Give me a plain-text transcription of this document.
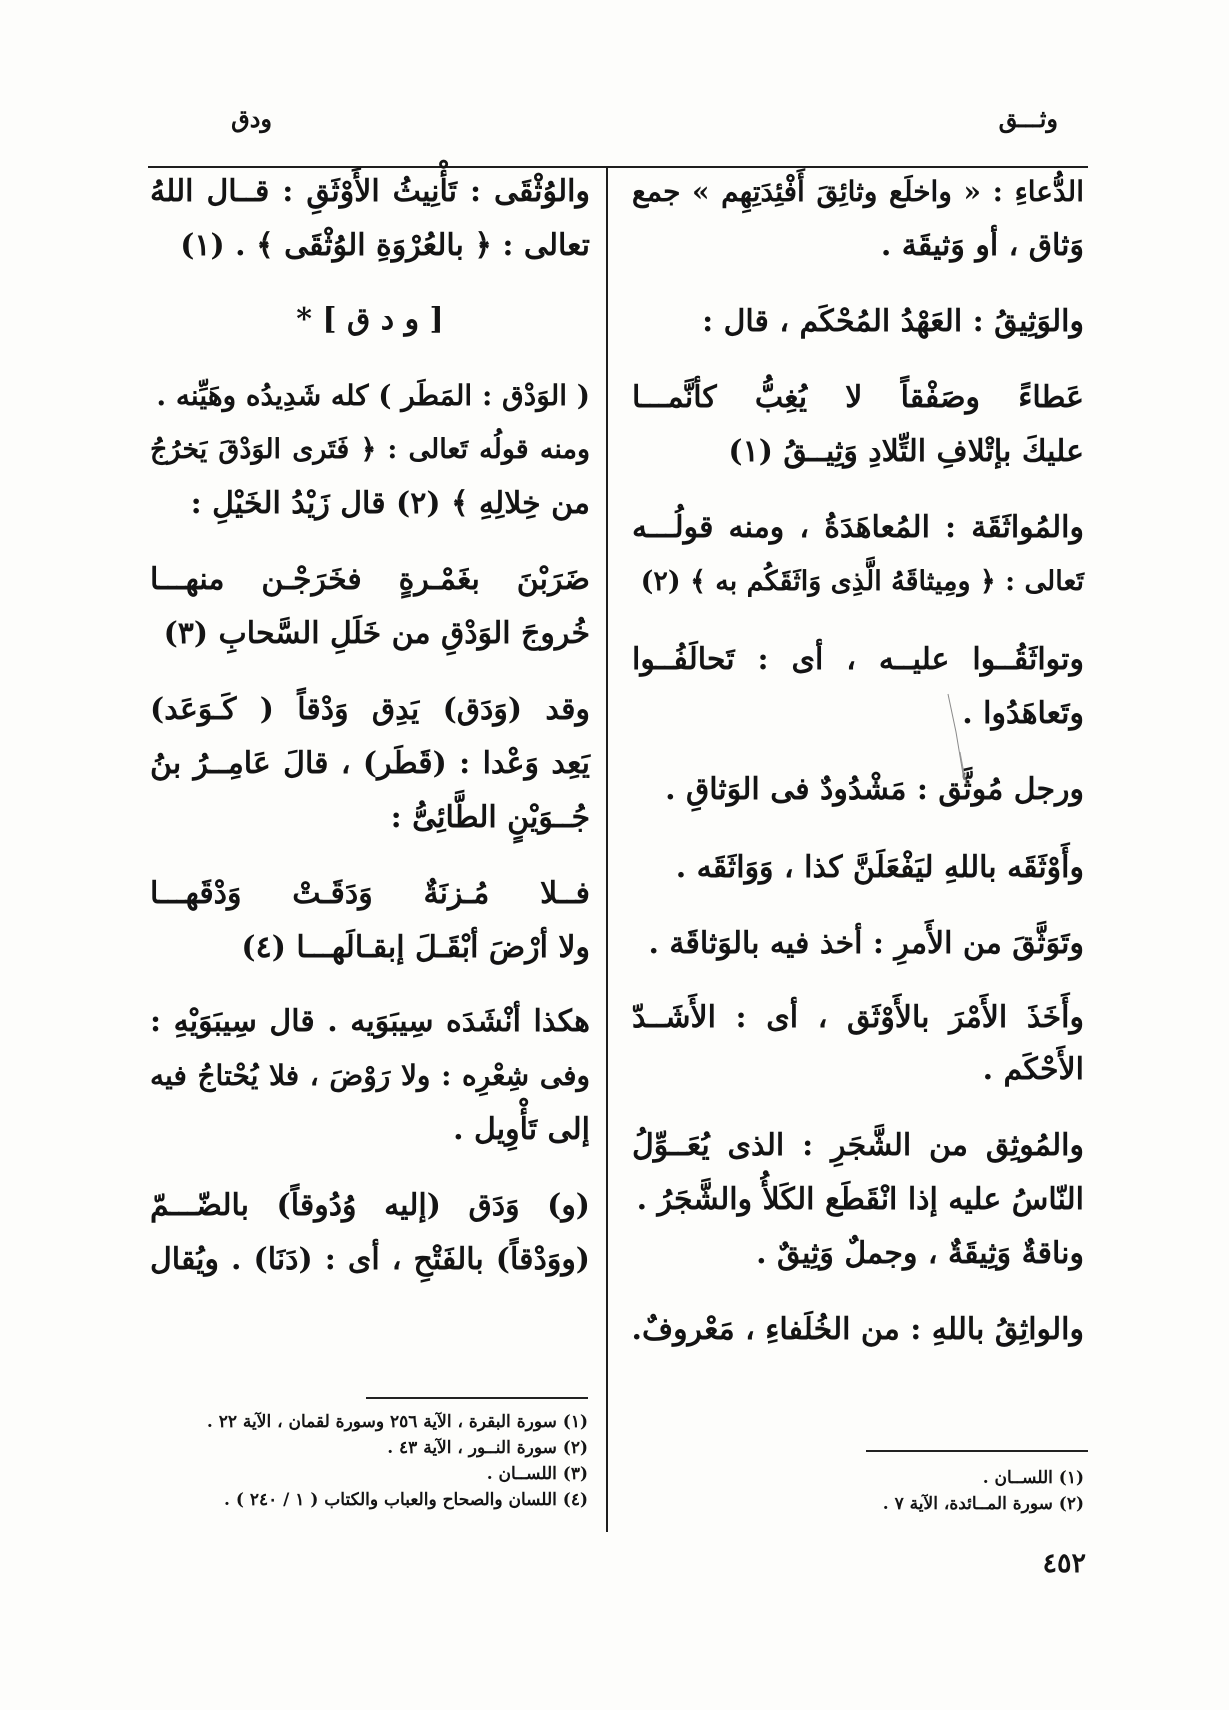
وثـــق
ودق
الدُّعاءِ : « واخلَع وثائِقَ أَفْئِدَتِهِم » جمع
وَثاق ، أو وَثيقَة .
والوَثِيقُ : العَهْدُ المُحْكَم ، قال :
عَطاءً وصَفْقاً لا يُغِبُّ كأنَّمـــا
عليكَ بإتْلافِ التِّلادِ وَثِيــقُ (١)
والمُواثَقَة : المُعاهَدَةُ ، ومنه قولُـــه
تَعالى : ﴿ ومِيثاقَهُ الَّذِى وَاثَقَكُم به ﴾ (٢)
وتواثَقُــوا عليــه ، أى : تَحالَفُــوا
وتَعاهَدُوا .
ورجل مُوثَّق : مَشْدُودٌ فى الوَثاقِ .
وأَوْثَقَه باللهِ ليَفْعَلَنَّ كذا ، وَوَاثَقَه .
وتَوَثَّقَ من الأَمرِ : أخذ فيه بالوَثاقَة .
وأَخَذَ الأَمْرَ بالأَوْثَق ، أى : الأَشَــدّ
الأَحْكَم .
والمُوثِق من الشَّجَرِ : الذى يُعَــوِّلُ
النّاسُ عليه إذا انْقَطَع الكَلأُ والشَّجَرُ .
وناقةٌ وَثِيقَةٌ ، وجملٌ وَثِيقٌ .
والواثِقُ باللهِ : من الخُلَفاءِ ، مَعْروفٌ.
والوُثْقَى : تَأْنِيثُ الأَوْثَقِ : قــال اللهُ
تعالى : ﴿ بالعُرْوَةِ الوُثْقَى ﴾ . (١)
[ و د ق ] *
( الوَدْق : المَطَر ) كله شَدِيدُه وهَيِّنه .
ومنه قولُه تَعالى : ﴿ فَتَرى الوَدْقَ يَخرُجُ
من خِلالِهِ ﴾ (٢) قال زَيْدُ الخَيْلِ :
ضَرَبْنَ بغَمْـرةٍ فخَرَجْـن منهـــا
خُروجَ الوَدْقِ من خَلَلِ السَّحابِ (٣)
وقد (وَدَق) يَدِق وَدْقاً ( كَـوَعَد)
يَعِد وَعْدا : (قَطَر) ، قالَ عَامِــرُ بنُ
جُــوَيْنٍ الطَّائِىُّ :
فــلا مُـزنَةٌ وَدَقَـتْ وَدْقَهـــا
ولا أرْضَ أبْقَـلَ إبقـالَهـــا (٤)
هكذا أنْشَدَه سِيبَوَيه . قال سِيبَوَيْهِ :
وفى شِعْرِه : ولا رَوْضَ ، فلا يُحْتاجُ فيه
إلى تَأْوِيل .
(و) وَدَق (إليه وُدُوقاً) بالضّـــمّ
(ووَدْقاً) بالفَتْحِ ، أى : (دَنَا) . ويُقال
(١) اللســان .
(٢) سورة المــائدة، الآية ٧ .
(١) سورة البقرة ، الآية ٢٥٦ وسورة لقمان ، الآية ٢٢ .
(٢) سورة النــور ، الآية ٤٣ .
(٣) اللســان .
(٤) اللسان والصحاح والعباب والكتاب ( ١ / ٢٤٠ ) .
٤٥٢
